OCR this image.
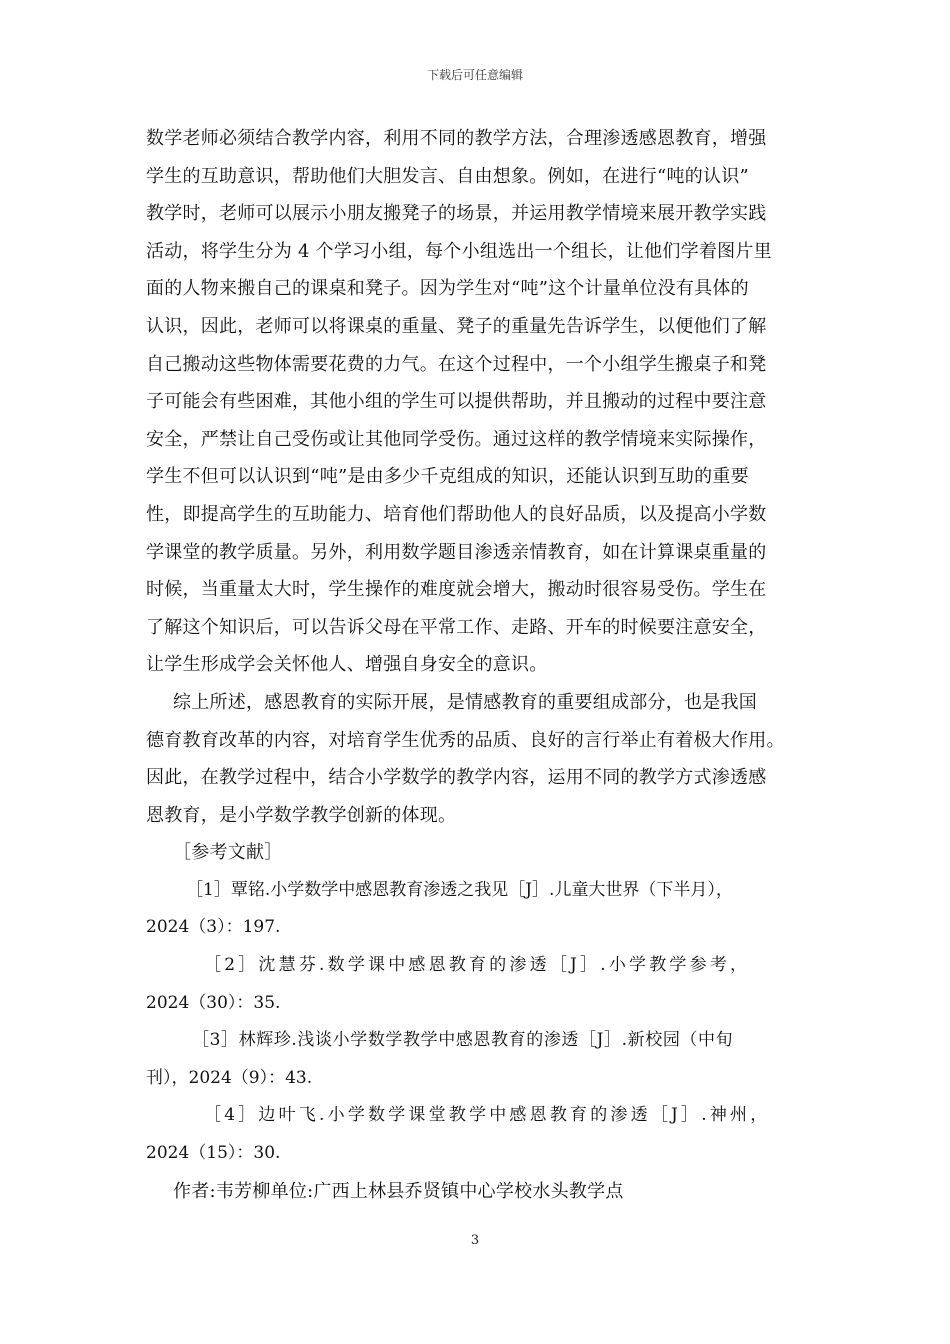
下载后可任意编辑
数学老师必须结合教学内容，利用不同的教学方法，合理渗透感恩教育，增强
学生的互助意识，帮助他们大胆发言、自由想象。例如，在进行“吨的认识”
教学时，老师可以展示小朋友搬凳子的场景，并运用教学情境来展开教学实践
活动，将学生分为 4 个学习小组，每个小组选出一个组长，让他们学着图片里
面的人物来搬自己的课桌和凳子。因为学生对“吨”这个计量单位没有具体的
认识，因此，老师可以将课桌的重量、凳子的重量先告诉学生，以便他们了解
自己搬动这些物体需要花费的力气。在这个过程中，一个小组学生搬桌子和凳
子可能会有些困难，其他小组的学生可以提供帮助，并且搬动的过程中要注意
安全，严禁让自己受伤或让其他同学受伤。通过这样的教学情境来实际操作，
学生不但可以认识到“吨”是由多少千克组成的知识，还能认识到互助的重要
性，即提高学生的互助能力、培育他们帮助他人的良好品质，以及提高小学数
学课堂的教学质量。另外，利用数学题目渗透亲情教育，如在计算课桌重量的
时候，当重量太大时，学生操作的难度就会增大，搬动时很容易受伤。学生在
了解这个知识后，可以告诉父母在平常工作、走路、开车的时候要注意安全，
让学生形成学会关怀他人、增强自身安全的意识。
综上所述，感恩教育的实际开展，是情感教育的重要组成部分，也是我国
德育教育改革的内容，对培育学生优秀的品质、良好的言行举止有着极大作用。
因此，在教学过程中，结合小学数学的教学内容，运用不同的教学方式渗透感
恩教育，是小学数学教学创新的体现。
［参考文献］
［1］覃铭.小学数学中感恩教育渗透之我见［J］.儿童大世界（下半月），
2024（3）：197.
［2］沈慧芬.数学课中感恩教育的渗透［J］.小学教学参考，
2024（30）：35.
［3］林辉珍.浅谈小学数学教学中感恩教育的渗透［J］.新校园（中旬
刊），2024（9）：43.
［4］边叶飞.小学数学课堂教学中感恩教育的渗透［J］.神州，
2024（15）：30.
作者:韦芳柳单位:广西上林县乔贤镇中心学校水头教学点
3
